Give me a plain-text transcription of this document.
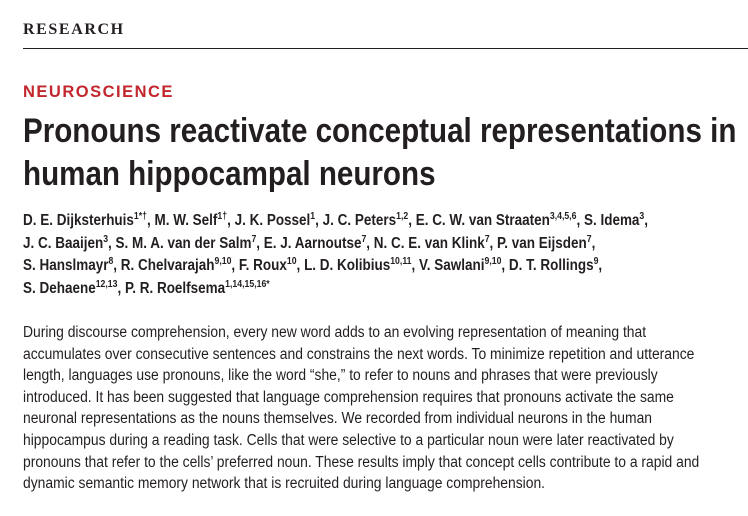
RESEARCH
NEUROSCIENCE
Pronouns reactivate conceptual representations in
human hippocampal neurons
D. E. Dijksterhuis$^{1*\dagger}$, M. W. Self$^{1\dagger}$, J. K. Possel$^1$, J. C. Peters$^{1,2}$, E. C. W. van Straaten$^{3,4,5,6}$, S. Idema$^3$,
J. C. Baaijen$^3$, S. M. A. van der Salm$^7$, E. J. Aarnoutse$^7$, N. C. E. van Klink$^7$, P. van Eijsden$^7$,
S. Hanslmayr$^8$, R. Chelvarajah$^{9,10}$, F. Roux$^{10}$, L. D. Kolibius$^{10,11}$, V. Sawlani$^{9,10}$, D. T. Rollings$^9$,
S. Dehaene$^{12,13}$, P. R. Roelfsema$^{1,14,15,16*}$
During discourse comprehension, every new word adds to an evolving representation of meaning that
accumulates over consecutive sentences and constrains the next words. To minimize repetition and utterance
length, languages use pronouns, like the word “she,” to refer to nouns and phrases that were previously
introduced. It has been suggested that language comprehension requires that pronouns activate the same
neuronal representations as the nouns themselves. We recorded from individual neurons in the human
hippocampus during a reading task. Cells that were selective to a particular noun were later reactivated by
pronouns that refer to the cells’ preferred noun. These results imply that concept cells contribute to a rapid and
dynamic semantic memory network that is recruited during language comprehension.
